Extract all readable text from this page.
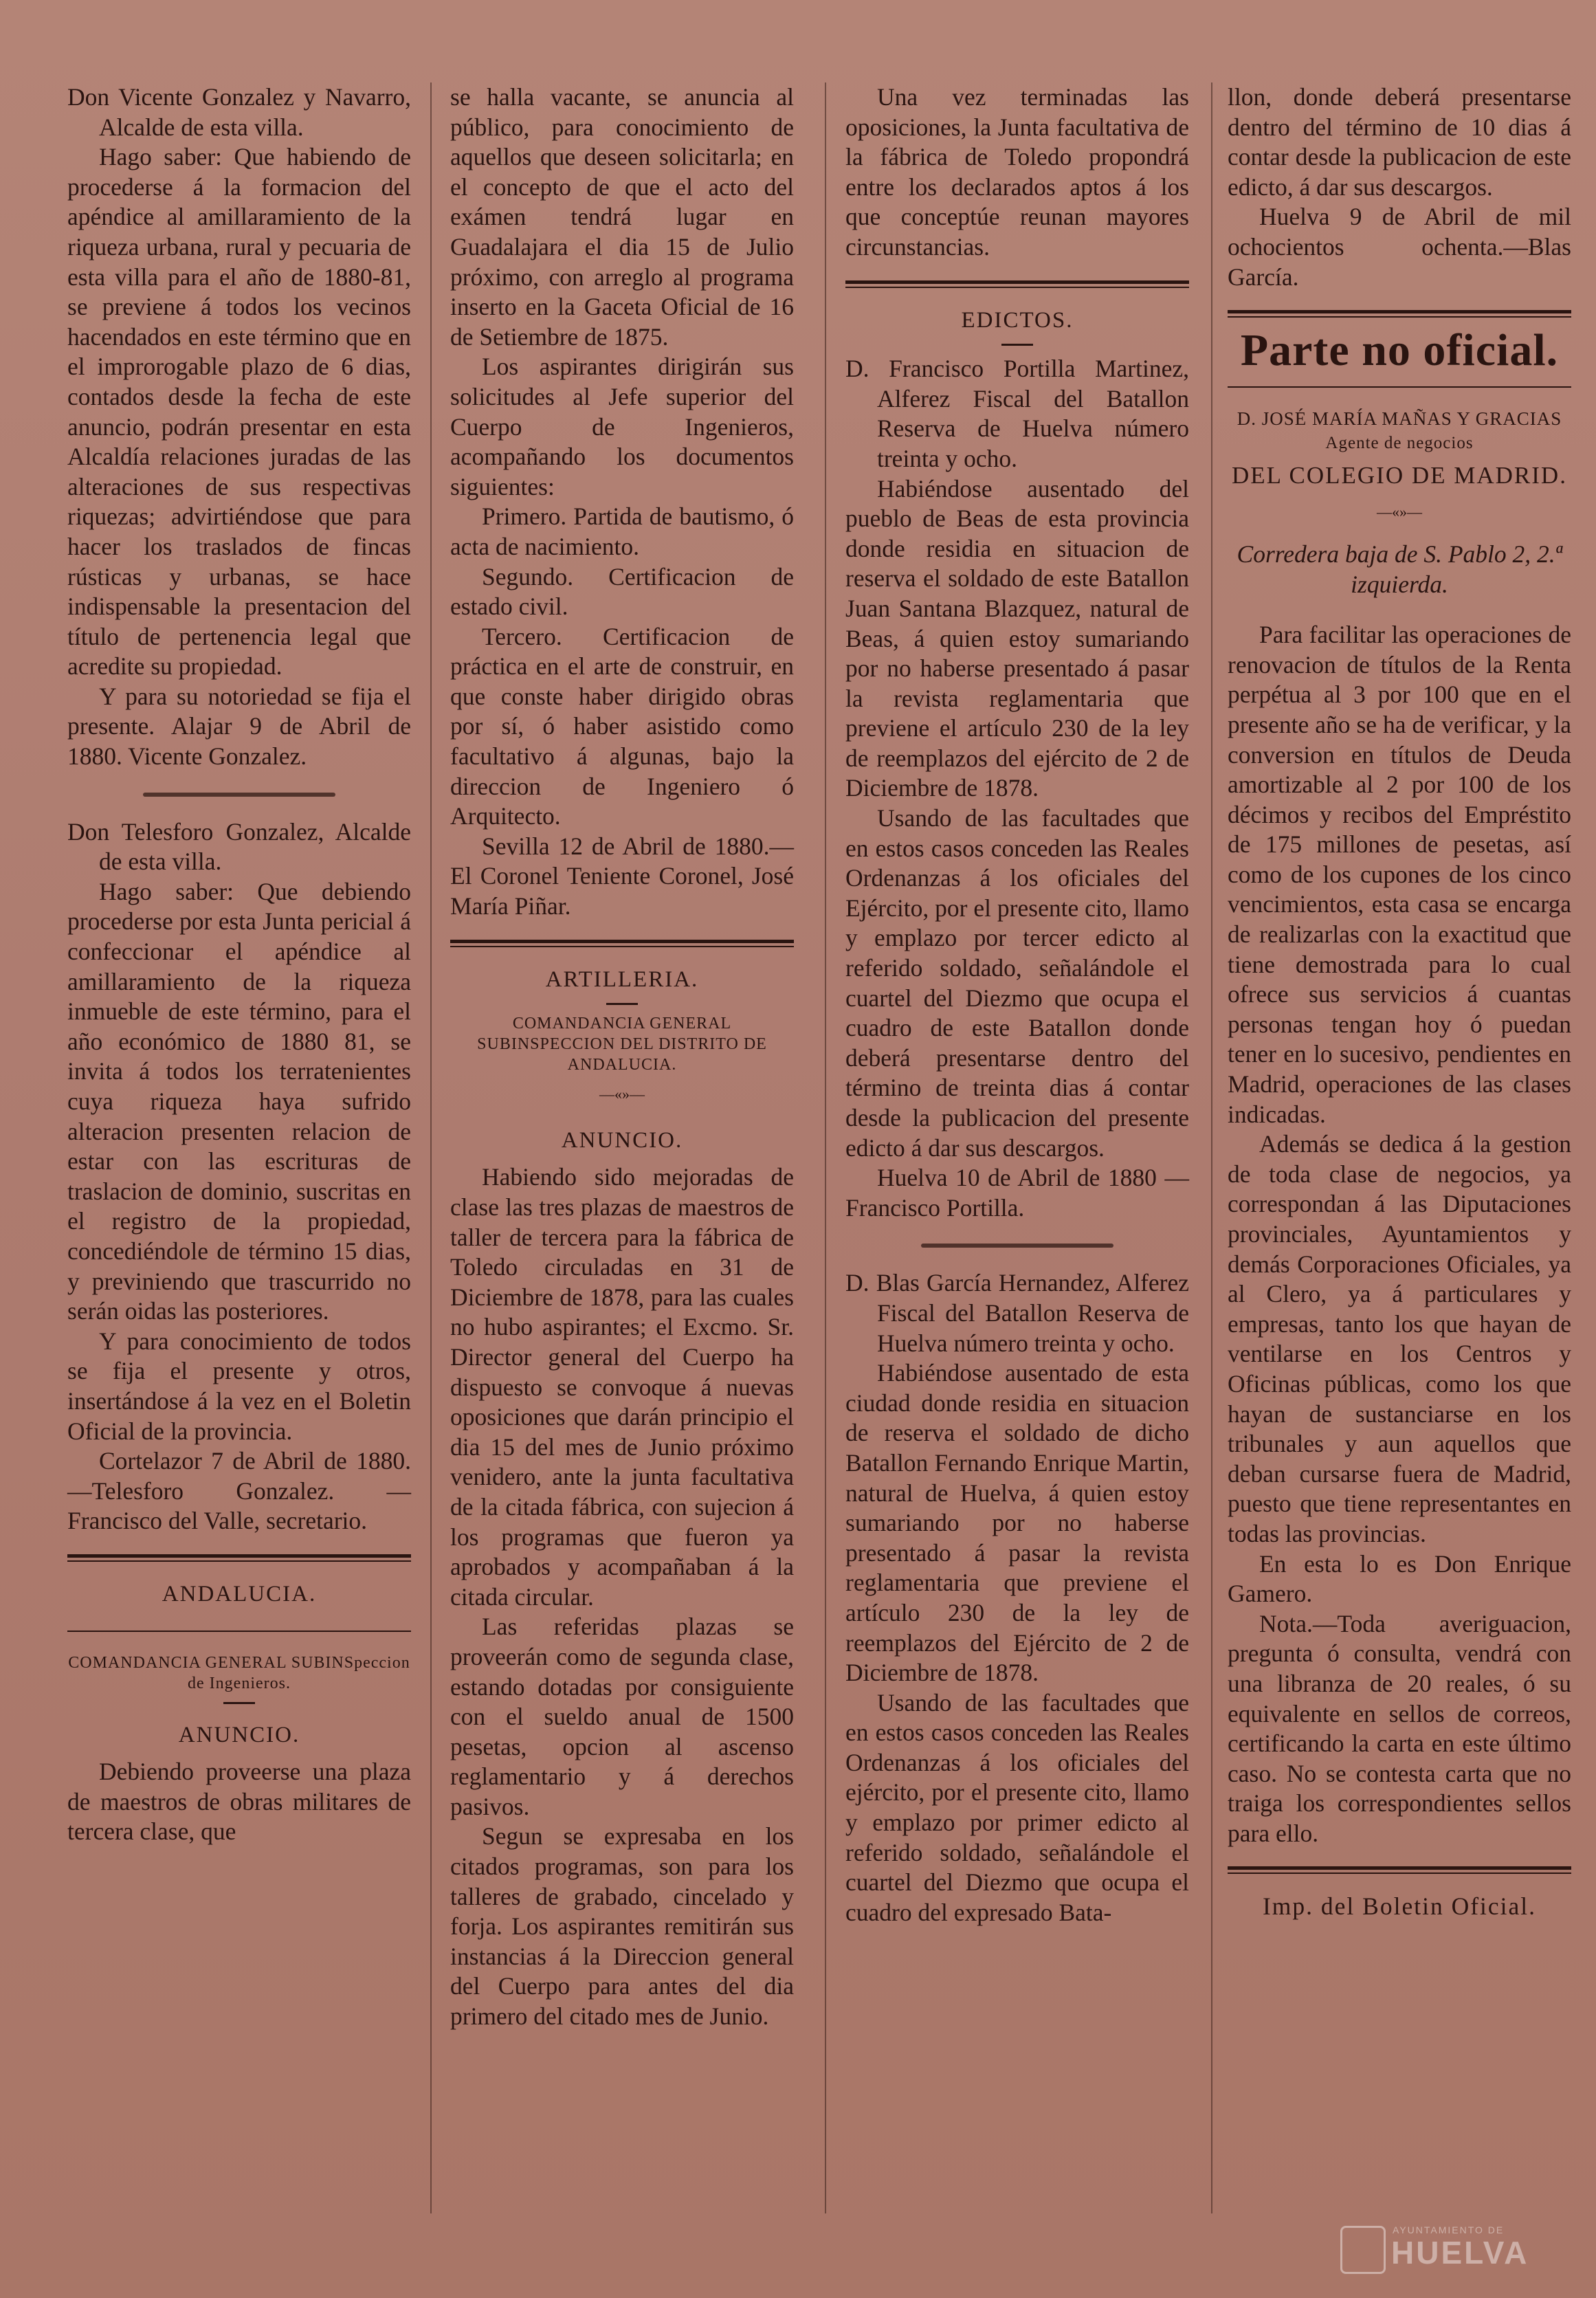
Don Vicente Gonzalez y Navarro, Alcalde de esta villa.

Hago saber: Que habiendo de procederse á la formacion del apéndice al amillaramiento de la riqueza urbana, rural y pecuaria de esta villa para el año de 1880-81, se previene á todos los vecinos hacendados en este término que en el improrogable plazo de 6 dias, contados desde la fecha de este anuncio, podrán presentar en esta Alcaldía relaciones juradas de las alteraciones de sus respectivas riquezas; advirtiéndose que para hacer los traslados de fincas rústicas y urbanas, se hace indispensable la presentacion del título de pertenencia legal que acredite su propiedad.

Y para su notoriedad se fija el presente. Alajar 9 de Abril de 1880. Vicente Gonzalez.

Don Telesforo Gonzalez, Alcalde de esta villa.

Hago saber: Que debiendo procederse por esta Junta pericial á confeccionar el apéndice al amillaramiento de la riqueza inmueble de este término, para el año económico de 1880 81, se invita á todos los terratenientes cuya riqueza haya sufrido alteracion presenten relacion de estar con las escrituras de traslacion de dominio, suscritas en el registro de la propiedad, concediéndole de término 15 dias, y previniendo que trascurrido no serán oidas las posteriores.

Y para conocimiento de todos se fija el presente y otros, insertándose á la vez en el Boletin Oficial de la provincia.

Cortelazor 7 de Abril de 1880.—Telesforo Gonzalez. —Francisco del Valle, secretario.

ANDALUCIA.
COMANDANCIA GENERAL SUBINSpeccion de Ingenieros.
ANUNCIO.

Debiendo proveerse una plaza de maestros de obras militares de tercera clase, que

se halla vacante, se anuncia al público, para conocimiento de aquellos que deseen solicitarla; en el concepto de que el acto del exámen tendrá lugar en Guadalajara el dia 15 de Julio próximo, con arreglo al programa inserto en la Gaceta Oficial de 16 de Setiembre de 1875.

Los aspirantes dirigirán sus solicitudes al Jefe superior del Cuerpo de Ingenieros, acompañando los documentos siguientes:

Primero. Partida de bautismo, ó acta de nacimiento.

Segundo. Certificacion de estado civil.

Tercero. Certificacion de práctica en el arte de construir, en que conste haber dirigido obras por sí, ó haber asistido como facultativo á algunas, bajo la direccion de Ingeniero ó Arquitecto.

Sevilla 12 de Abril de 1880.—El Coronel Teniente Coronel, José María Piñar.

ARTILLERIA.
COMANDANCIA GENERAL SUBINSPECCION DEL DISTRITO DE ANDALUCIA.
—«»—
ANUNCIO.

Habiendo sido mejoradas de clase las tres plazas de maestros de taller de tercera para la fábrica de Toledo circuladas en 31 de Diciembre de 1878, para las cuales no hubo aspirantes; el Excmo. Sr. Director general del Cuerpo ha dispuesto se convoque á nuevas oposiciones que darán principio el dia 15 del mes de Junio próximo venidero, ante la junta facultativa de la citada fábrica, con sujecion á los programas que fueron ya aprobados y acompañaban á la citada circular.

Las referidas plazas se proveerán como de segunda clase, estando dotadas por consiguiente con el sueldo anual de 1500 pesetas, opcion al ascenso reglamentario y á derechos pasivos.

Segun se expresaba en los citados programas, son para los talleres de grabado, cincelado y forja. Los aspirantes remitirán sus instancias á la Direccion general del Cuerpo para antes del dia primero del citado mes de Junio.

Una vez terminadas las oposiciones, la Junta facultativa de la fábrica de Toledo propondrá entre los declarados aptos á los que conceptúe reunan mayores circunstancias.

EDICTOS.

D. Francisco Portilla Martinez, Alferez Fiscal del Batallon Reserva de Huelva número treinta y ocho.

Habiéndose ausentado del pueblo de Beas de esta provincia donde residia en situacion de reserva el soldado de este Batallon Juan Santana Blazquez, natural de Beas, á quien estoy sumariando por no haberse presentado á pasar la revista reglamentaria que previene el artículo 230 de la ley de reemplazos del ejército de 2 de Diciembre de 1878.

Usando de las facultades que en estos casos conceden las Reales Ordenanzas á los oficiales del Ejército, por el presente cito, llamo y emplazo por tercer edicto al referido soldado, señalándole el cuartel del Diezmo que ocupa el cuadro de este Batallon donde deberá presentarse dentro del término de treinta dias á contar desde la publicacion del presente edicto á dar sus descargos.

Huelva 10 de Abril de 1880 —Francisco Portilla.

D. Blas García Hernandez, Alferez Fiscal del Batallon Reserva de Huelva número treinta y ocho.

Habiéndose ausentado de esta ciudad donde residia en situacion de reserva el soldado de dicho Batallon Fernando Enrique Martin, natural de Huelva, á quien estoy sumariando por no haberse presentado á pasar la revista reglamentaria que previene el artículo 230 de la ley de reemplazos del Ejército de 2 de Diciembre de 1878.

Usando de las facultades que en estos casos conceden las Reales Ordenanzas á los oficiales del ejército, por el presente cito, llamo y emplazo por primer edicto al referido soldado, señalándole el cuartel del Diezmo que ocupa el cuadro del expresado Bata-

llon, donde deberá presentarse dentro del término de 10 dias á contar desde la publicacion de este edicto, á dar sus descargos.

Huelva 9 de Abril de mil ochocientos ochenta.—Blas García.

Parte no oficial.
D. JOSÉ MARÍA MAÑAS Y GRACIAS
Agente de negocios
DEL COLEGIO DE MADRID.
—«»—

Corredera baja de S. Pablo 2, 2.ª izquierda.

Para facilitar las operaciones de renovacion de títulos de la Renta perpétua al 3 por 100 que en el presente año se ha de verificar, y la conversion en títulos de Deuda amortizable al 2 por 100 de los décimos y recibos del Empréstito de 175 millones de pesetas, así como de los cupones de los cinco vencimientos, esta casa se encarga de realizarlas con la exactitud que tiene demostrada para lo cual ofrece sus servicios á cuantas personas tengan hoy ó puedan tener en lo sucesivo, pendientes en Madrid, operaciones de las clases indicadas.

Además se dedica á la gestion de toda clase de negocios, ya correspondan á las Diputaciones provinciales, Ayuntamientos y demás Corporaciones Oficiales, ya al Clero, ya á particulares y empresas, tanto los que hayan de ventilarse en los Centros y Oficinas públicas, como los que hayan de sustanciarse en los tribunales y aun aquellos que deban cursarse fuera de Madrid, puesto que tiene representantes en todas las provincias.

En esta lo es Don Enrique Gamero.

Nota.—Toda averiguacion, pregunta ó consulta, vendrá con una libranza de 20 reales, ó su equivalente en sellos de correos, certificando la carta en este último caso. No se contesta carta que no traiga los correspondientes sellos para ello.

Imp. del Boletin Oficial.

AYUNTAMIENTO DE
HUELVA
